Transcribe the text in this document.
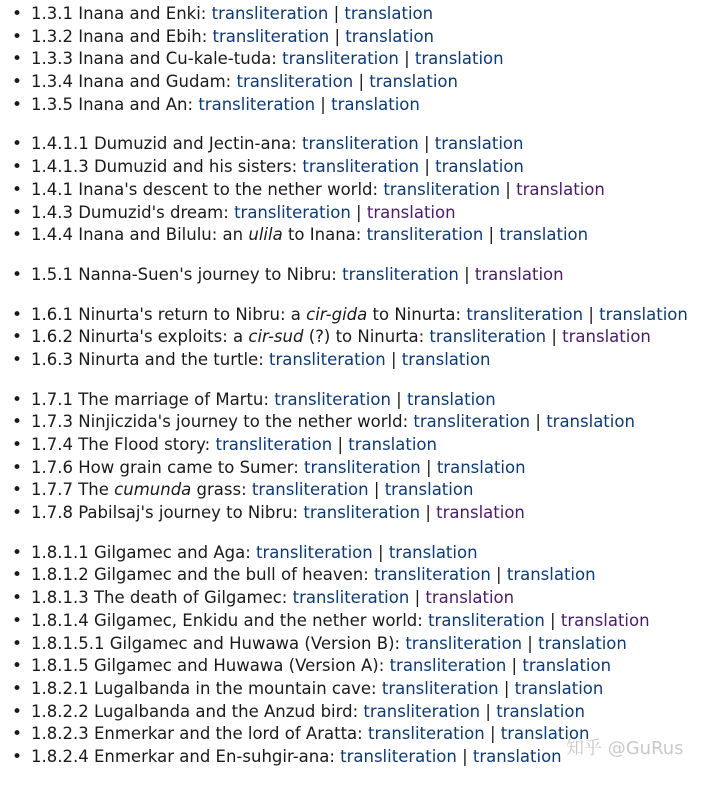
• 1.3.1 Inana and Enki: transliteration | translation
• 1.3.2 Inana and Ebih: transliteration | translation
• 1.3.3 Inana and Cu-kale-tuda: transliteration | translation
• 1.3.4 Inana and Gudam: transliteration | translation
• 1.3.5 Inana and An: transliteration | translation
• 1.4.1.1 Dumuzid and Jectin-ana: transliteration | translation
• 1.4.1.3 Dumuzid and his sisters: transliteration | translation
• 1.4.1 Inana's descent to the nether world: transliteration | translation
• 1.4.3 Dumuzid's dream: transliteration | translation
• 1.4.4 Inana and Bilulu: an ulila to Inana: transliteration | translation
• 1.5.1 Nanna-Suen's journey to Nibru: transliteration | translation
• 1.6.1 Ninurta's return to Nibru: a cir-gida to Ninurta: transliteration | translation
• 1.6.2 Ninurta's exploits: a cir-sud (?) to Ninurta: transliteration | translation
• 1.6.3 Ninurta and the turtle: transliteration | translation
• 1.7.1 The marriage of Martu: transliteration | translation
• 1.7.3 Ninjiczida's journey to the nether world: transliteration | translation
• 1.7.4 The Flood story: transliteration | translation
• 1.7.6 How grain came to Sumer: transliteration | translation
• 1.7.7 The cumunda grass: transliteration | translation
• 1.7.8 Pabilsaj's journey to Nibru: transliteration | translation
• 1.8.1.1 Gilgamec and Aga: transliteration | translation
• 1.8.1.2 Gilgamec and the bull of heaven: transliteration | translation
• 1.8.1.3 The death of Gilgamec: transliteration | translation
• 1.8.1.4 Gilgamec, Enkidu and the nether world: transliteration | translation
• 1.8.1.5.1 Gilgamec and Huwawa (Version B): transliteration | translation
• 1.8.1.5 Gilgamec and Huwawa (Version A): transliteration | translation
• 1.8.2.1 Lugalbanda in the mountain cave: transliteration | translation
• 1.8.2.2 Lugalbanda and the Anzud bird: transliteration | translation
• 1.8.2.3 Enmerkar and the lord of Aratta: transliteration | translation
• 1.8.2.4 Enmerkar and En-suhgir-ana: transliteration | translation 知乎 @GuRus
